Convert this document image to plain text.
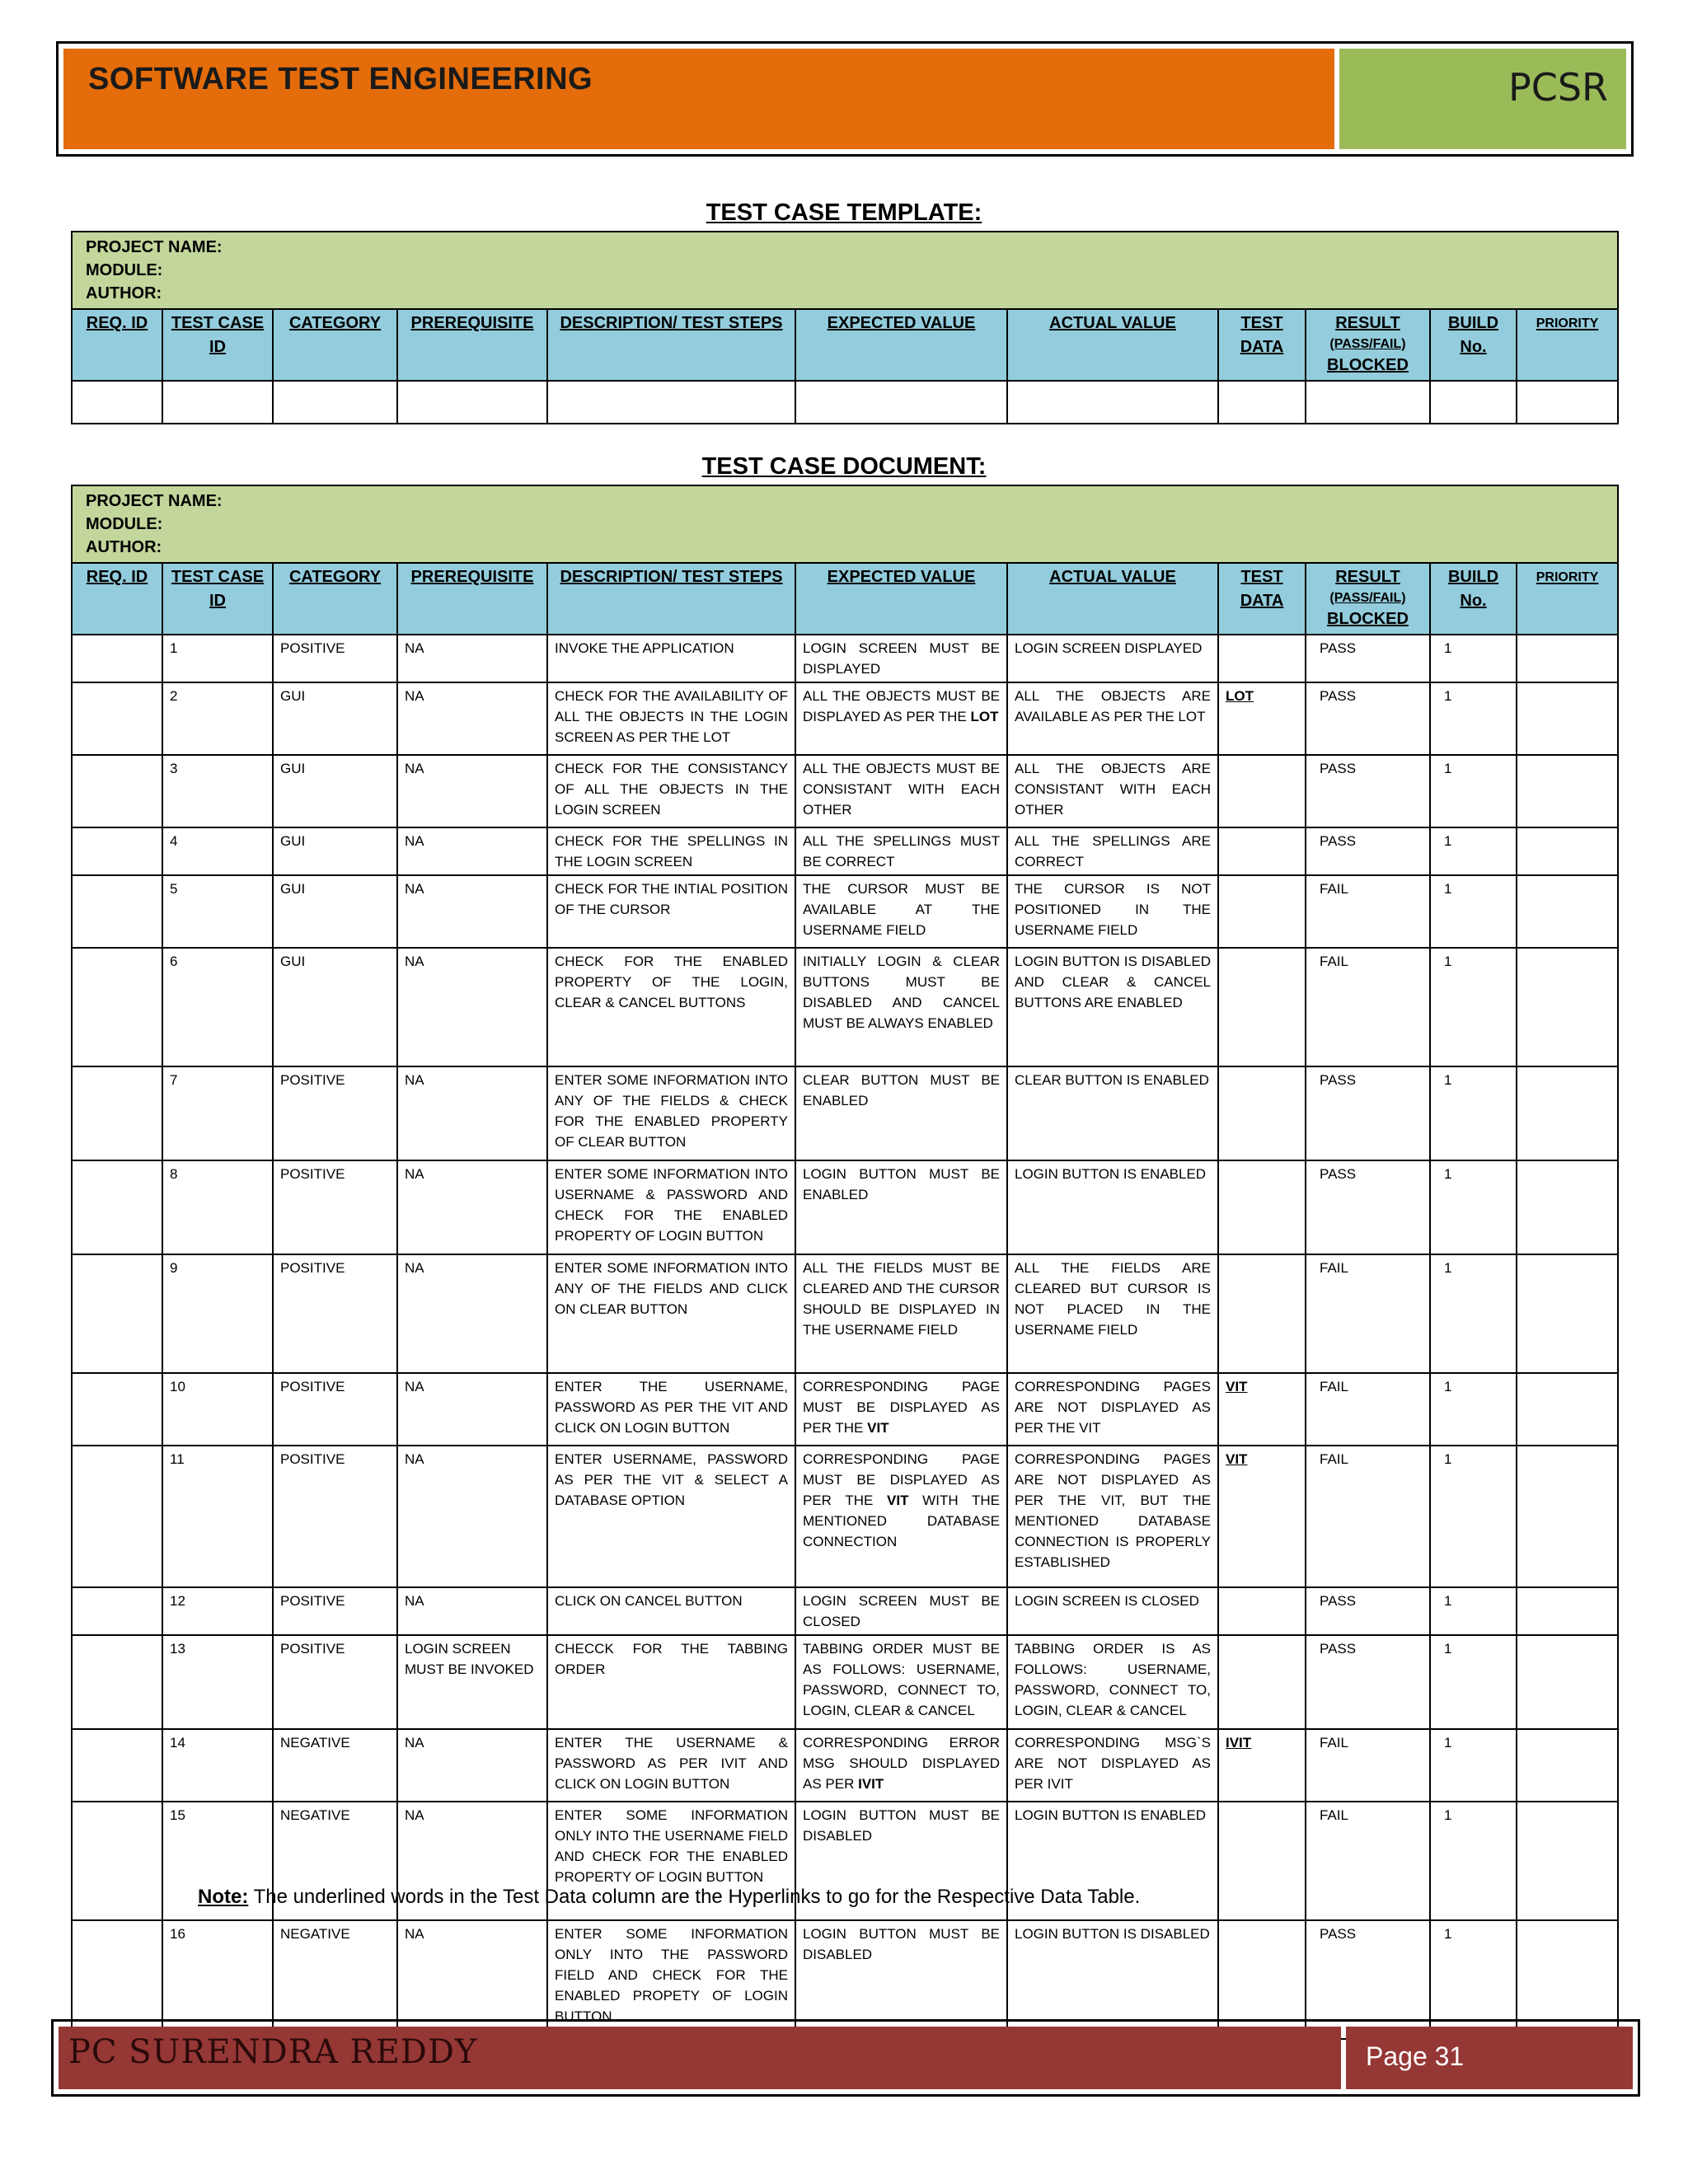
SOFTWARE TEST ENGINEERING	PCSR
TEST CASE TEMPLATE:
PROJECT NAME:
MODULE:
AUTHOR:										

REQ. ID	TEST CASE ID	CATEGORY	PREREQUISITE	DESCRIPTION/ TEST STEPS	EXPECTED VALUE	ACTUAL VALUE	TEST DATA	RESULT
(PASS/FAIL)
BLOCKED	BUILD No.	$^{PRIORITY}$

TEST CASE DOCUMENT:
PROJECT NAME:
MODULE:
AUTHOR:										

REQ. ID	TEST CASE ID	CATEGORY	PREREQUISITE	DESCRIPTION/ TEST STEPS	EXPECTED VALUE	ACTUAL VALUE	TEST DATA	RESULT
(PASS/FAIL)
BLOCKED	BUILD No.	$^{PRIORITY}$
	1	POSITIVE	NA	INVOKE THE APPLICATION	LOGIN SCREEN MUST BE DISPLAYED	LOGIN SCREEN DISPLAYED		PASS	1	
	2	GUI	NA	CHECK FOR THE AVAILABILITY OF ALL THE OBJECTS IN THE LOGIN SCREEN AS PER THE LOT	ALL THE OBJECTS MUST BE DISPLAYED AS PER THE LOT	ALL THE OBJECTS ARE AVAILABLE AS PER THE LOT	LOT	PASS	1	
	3	GUI	NA	CHECK FOR THE CONSISTANCY OF ALL THE OBJECTS IN THE LOGIN SCREEN	ALL THE OBJECTS MUST BE CONSISTANT WITH EACH OTHER	ALL THE OBJECTS ARE CONSISTANT WITH EACH OTHER		PASS	1	
	4	GUI	NA	CHECK FOR THE SPELLINGS IN THE LOGIN SCREEN	ALL THE SPELLINGS MUST BE CORRECT	ALL THE SPELLINGS ARE CORRECT		PASS	1	
	5	GUI	NA	CHECK FOR THE INTIAL POSITION OF THE CURSOR	THE CURSOR MUST BE AVAILABLE AT THE USERNAME FIELD	THE CURSOR IS NOT POSITIONED IN THE USERNAME FIELD		FAIL	1	
	6	GUI	NA	CHECK FOR THE ENABLED PROPERTY OF THE LOGIN, CLEAR & CANCEL BUTTONS	INITIALLY LOGIN & CLEAR BUTTONS MUST BE DISABLED AND CANCEL MUST BE ALWAYS ENABLED	LOGIN BUTTON IS DISABLED AND CLEAR & CANCEL BUTTONS ARE ENABLED		FAIL	1	
	7	POSITIVE	NA	ENTER SOME INFORMATION INTO ANY OF THE FIELDS & CHECK FOR THE ENABLED PROPERTY OF CLEAR BUTTON	CLEAR BUTTON MUST BE ENABLED	CLEAR BUTTON IS ENABLED		PASS	1	
	8	POSITIVE	NA	ENTER SOME INFORMATION INTO USERNAME & PASSWORD AND CHECK FOR THE ENABLED PROPERTY OF LOGIN BUTTON	LOGIN BUTTON MUST BE ENABLED	LOGIN BUTTON IS ENABLED		PASS	1	
	9	POSITIVE	NA	ENTER SOME INFORMATION INTO ANY OF THE FIELDS AND CLICK ON CLEAR BUTTON	ALL THE FIELDS MUST BE CLEARED AND THE CURSOR SHOULD BE DISPLAYED IN THE USERNAME FIELD	ALL THE FIELDS ARE CLEARED BUT CURSOR IS NOT PLACED IN THE USERNAME FIELD		FAIL	1	
	10	POSITIVE	NA	ENTER THE USERNAME, PASSWORD AS PER THE VIT AND CLICK ON LOGIN BUTTON	CORRESPONDING PAGE MUST BE DISPLAYED AS PER THE VIT	CORRESPONDING PAGES ARE NOT DISPLAYED AS PER THE VIT	VIT	FAIL	1	
	11	POSITIVE	NA	ENTER USERNAME, PASSWORD AS PER THE VIT & SELECT A DATABASE OPTION	CORRESPONDING PAGE MUST BE DISPLAYED AS PER THE VIT WITH THE MENTIONED DATABASE CONNECTION	CORRESPONDING PAGES ARE NOT DISPLAYED AS PER THE VIT, BUT THE MENTIONED DATABASE CONNECTION IS PROPERLY ESTABLISHED	VIT	FAIL	1	
	12	POSITIVE	NA	CLICK ON CANCEL BUTTON	LOGIN SCREEN MUST BE CLOSED	LOGIN SCREEN IS CLOSED		PASS	1	
	13	POSITIVE	LOGIN SCREEN MUST BE INVOKED	CHECCK FOR THE TABBING ORDER	TABBING ORDER MUST BE AS FOLLOWS: USERNAME, PASSWORD, CONNECT TO, LOGIN, CLEAR & CANCEL	TABBING ORDER IS AS FOLLOWS: USERNAME, PASSWORD, CONNECT TO, LOGIN, CLEAR & CANCEL		PASS	1	
	14	NEGATIVE	NA	ENTER THE USERNAME & PASSWORD AS PER IVIT AND CLICK ON LOGIN BUTTON	CORRESPONDING ERROR MSG SHOULD DISPLAYED AS PER IVIT	CORRESPONDING MSG`S ARE NOT DISPLAYED AS PER IVIT	IVIT	FAIL	1	
	15	NEGATIVE	NA	ENTER SOME INFORMATION ONLY INTO THE USERNAME FIELD AND CHECK FOR THE ENABLED PROPERTY OF LOGIN BUTTON	LOGIN BUTTON MUST BE DISABLED	LOGIN BUTTON IS ENABLED		FAIL	1	
	16	NEGATIVE	NA	ENTER SOME INFORMATION ONLY INTO THE PASSWORD FIELD AND CHECK FOR THE ENABLED PROPETY OF LOGIN BUTTON	LOGIN BUTTON MUST BE DISABLED	LOGIN BUTTON IS DISABLED		PASS	1	
Note: The underlined words in the Test Data column are the Hyperlinks to go for the Respective Data Table.
PC SURENDRA REDDY	Page 31
